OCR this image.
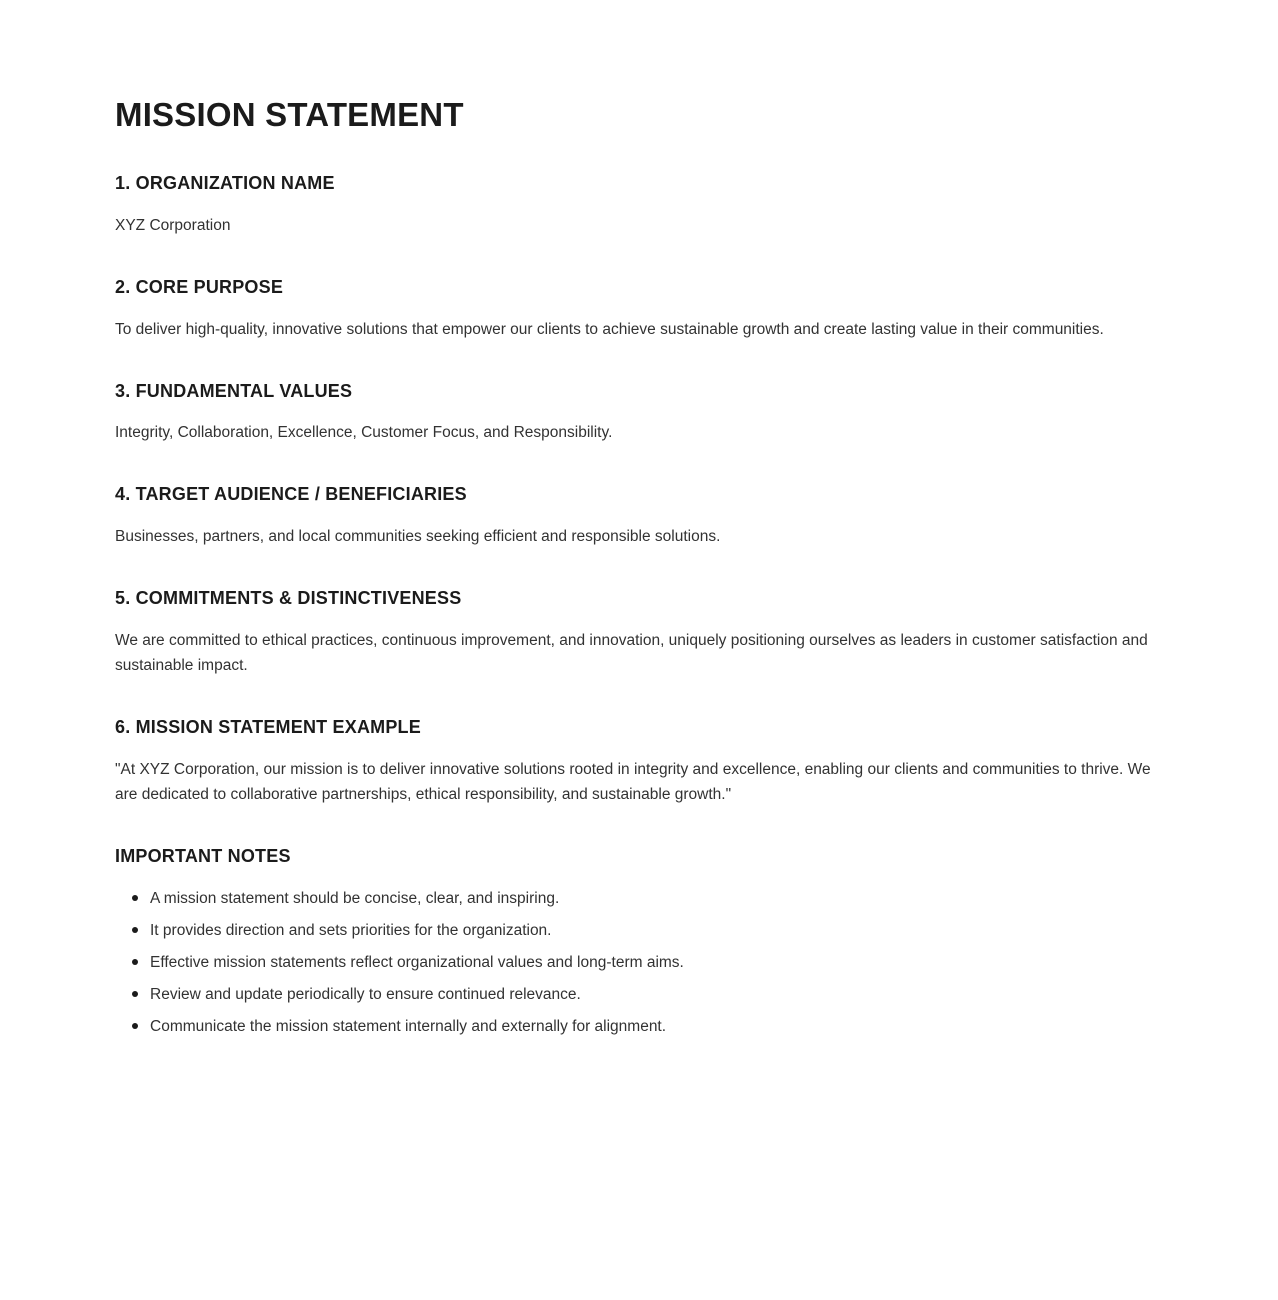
MISSION STATEMENT
1. ORGANIZATION NAME

XYZ Corporation

2. CORE PURPOSE

To deliver high-quality, innovative solutions that empower our clients to achieve sustainable growth and create lasting value in their communities.

3. FUNDAMENTAL VALUES

Integrity, Collaboration, Excellence, Customer Focus, and Responsibility.

4. TARGET AUDIENCE / BENEFICIARIES

Businesses, partners, and local communities seeking efficient and responsible solutions.

5. COMMITMENTS & DISTINCTIVENESS

We are committed to ethical practices, continuous improvement, and innovation, uniquely positioning ourselves as leaders in customer satisfaction and sustainable impact.

6. MISSION STATEMENT EXAMPLE

"At XYZ Corporation, our mission is to deliver innovative solutions rooted in integrity and excellence, enabling our clients and communities to thrive. We are dedicated to collaborative partnerships, ethical responsibility, and sustainable growth."

IMPORTANT NOTES
A mission statement should be concise, clear, and inspiring.
It provides direction and sets priorities for the organization.
Effective mission statements reflect organizational values and long-term aims.
Review and update periodically to ensure continued relevance.
Communicate the mission statement internally and externally for alignment.
